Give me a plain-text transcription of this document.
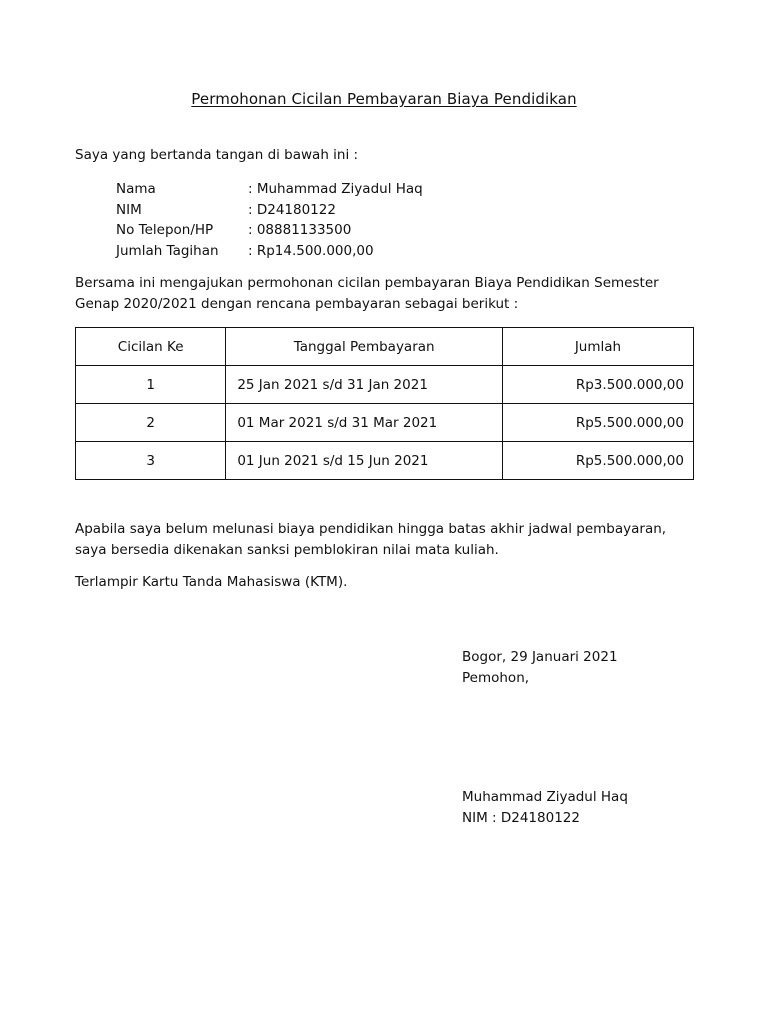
Permohonan Cicilan Pembayaran Biaya Pendidikan
Saya yang bertanda tangan di bawah ini :
Nama	: Muhammad Ziyadul Haq
NIM	: D24180122
No Telepon/HP	: 08881133500
Jumlah Tagihan	: Rp14.500.000,00
Bersama ini mengajukan permohonan cicilan pembayaran Biaya Pendidikan Semester Genap 2020/2021 dengan rencana pembayaran sebagai berikut :
Cicilan Ke	Tanggal Pembayaran	Jumlah
1	25 Jan 2021 s/d 31 Jan 2021	Rp3.500.000,00
2	01 Mar 2021 s/d 31 Mar 2021	Rp5.500.000,00
3	01 Jun 2021 s/d 15 Jun 2021	Rp5.500.000,00
Apabila saya belum melunasi biaya pendidikan hingga batas akhir jadwal pembayaran, saya bersedia dikenakan sanksi pemblokiran nilai mata kuliah.
Terlampir Kartu Tanda Mahasiswa (KTM).
Bogor, 29 Januari 2021
Pemohon,
Muhammad Ziyadul Haq
NIM : D24180122
